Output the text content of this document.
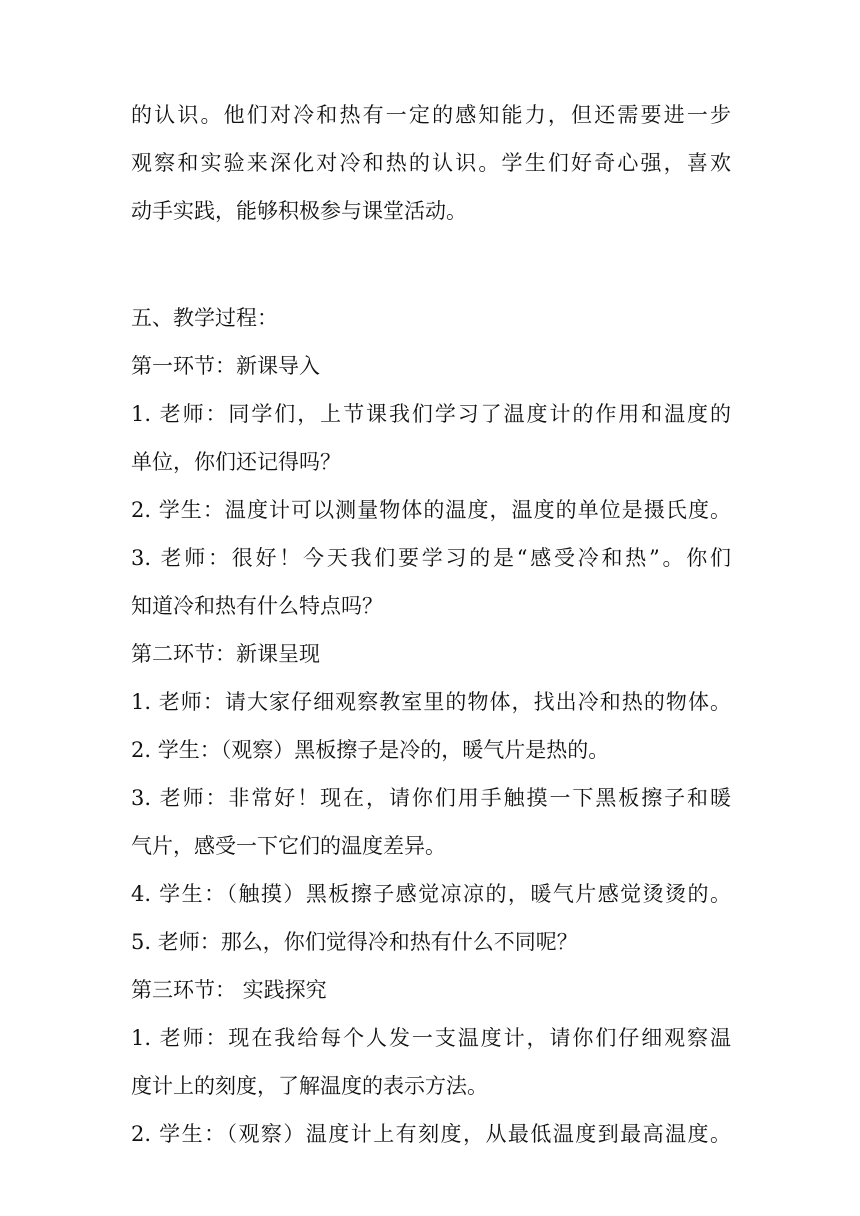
的认识。他们对冷和热有一定的感知能力，但还需要进一步
观察和实验来深化对冷和热的认识。学生们好奇心强，喜欢
动手实践，能够积极参与课堂活动。
五、教学过程：
第一环节：新课导入
1. 老师：同学们，上节课我们学习了温度计的作用和温度的
单位，你们还记得吗？
2. 学生：温度计可以测量物体的温度，温度的单位是摄氏度。
3. 老师：很好！今天我们要学习的是“感受冷和热”。你们
知道冷和热有什么特点吗？
第二环节：新课呈现
1. 老师：请大家仔细观察教室里的物体，找出冷和热的物体。
2. 学生：（观察）黑板擦子是冷的，暖气片是热的。
3. 老师：非常好！现在，请你们用手触摸一下黑板擦子和暖
气片，感受一下它们的温度差异。
4. 学生：（触摸）黑板擦子感觉凉凉的，暖气片感觉烫烫的。
5. 老师：那么，你们觉得冷和热有什么不同呢？
第三环节： 实践探究
1. 老师：现在我给每个人发一支温度计，请你们仔细观察温
度计上的刻度，了解温度的表示方法。
2. 学生：（观察）温度计上有刻度，从最低温度到最高温度。
